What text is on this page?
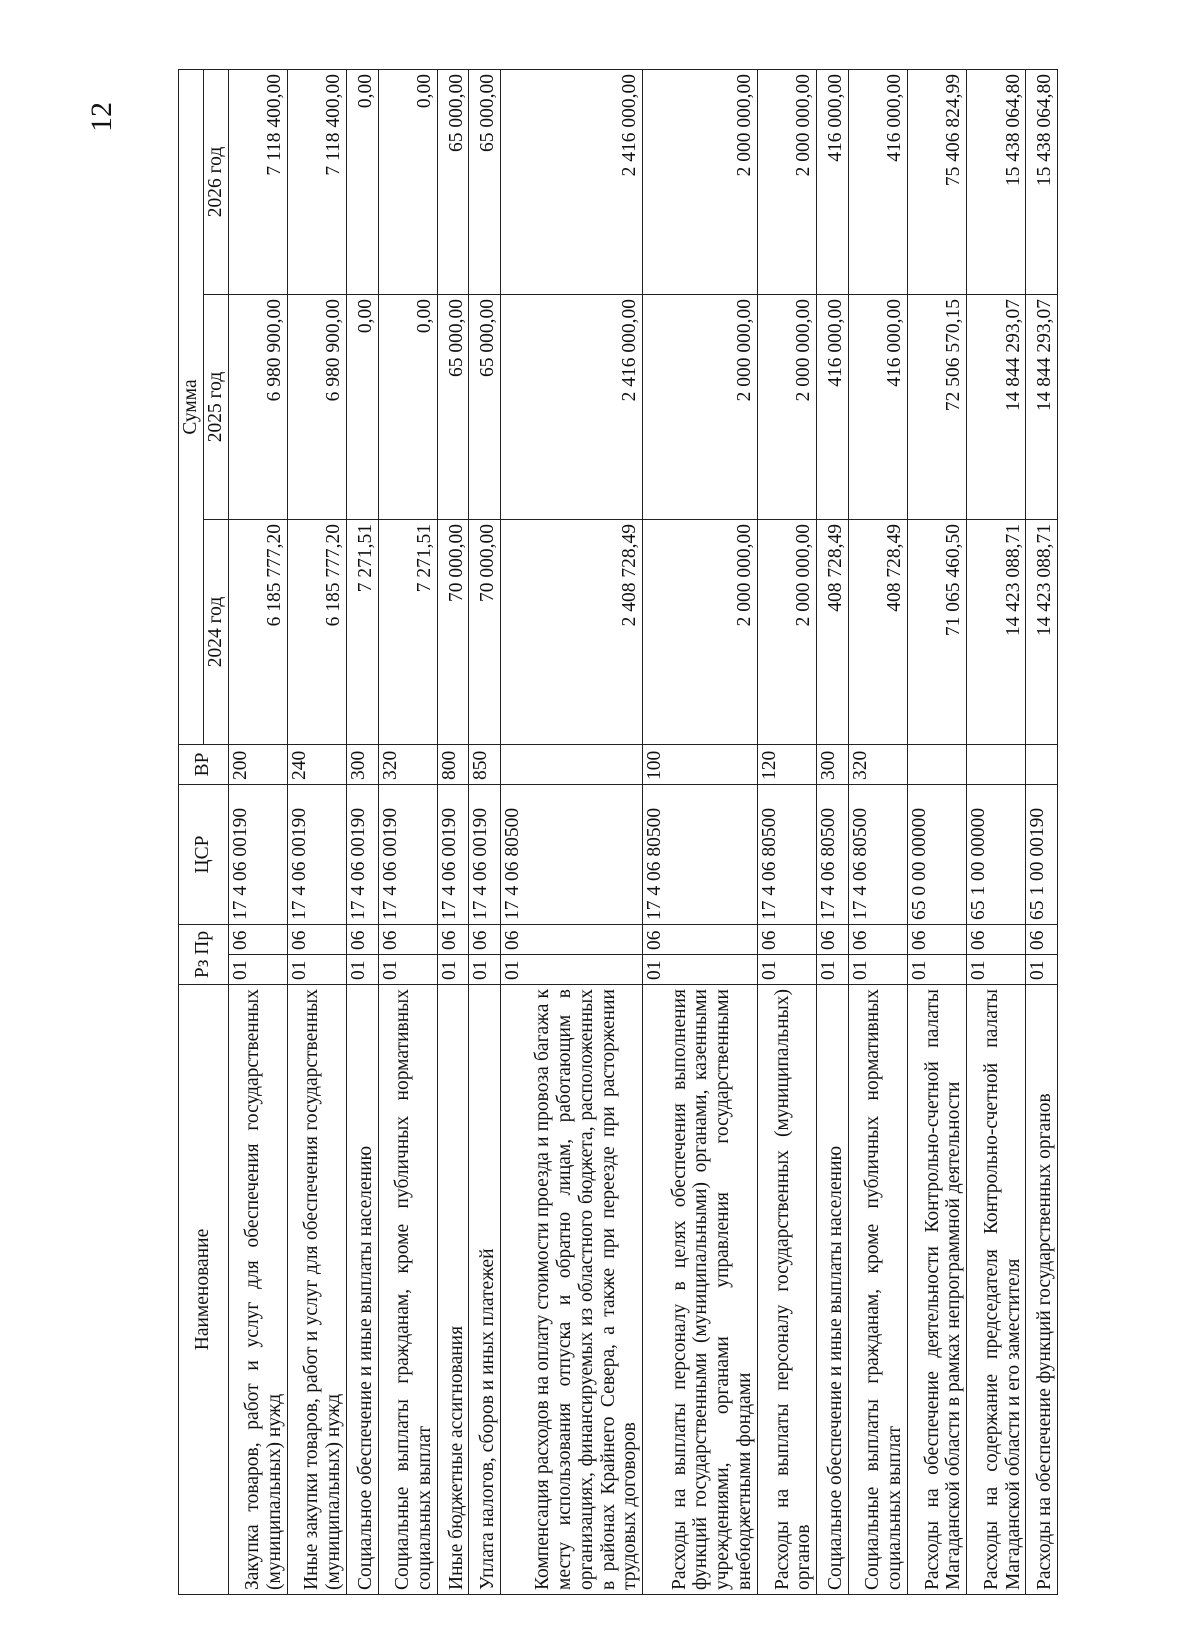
12
Наименование	Рз Пр		ЦСР	ВР	Сумма		
					2024 год	2025 год	2026 год
Закупка товаров, работ и услуг для обеспечения государственных (муниципальных) нужд	01	06	17 4 06 00190	200	6 185 777,20	6 980 900,00	7 118 400,00
Иные закупки товаров, работ и услуг для обеспечения государственных (муниципальных) нужд	01	06	17 4 06 00190	240	6 185 777,20	6 980 900,00	7 118 400,00
Социальное обеспечение и иные выплаты населению	01	06	17 4 06 00190	300	7 271,51	0,00	0,00
Социальные выплаты гражданам, кроме публичных нормативных социальных выплат	01	06	17 4 06 00190	320	7 271,51	0,00	0,00
Иные бюджетные ассигнования	01	06	17 4 06 00190	800	70 000,00	65 000,00	65 000,00
Уплата налогов, сборов и иных платежей	01	06	17 4 06 00190	850	70 000,00	65 000,00	65 000,00
Компенсация расходов на оплату стоимости проезда и провоза багажа к месту использования отпуска и обратно лицам, работающим в организациях, финансируемых из областного бюджета, расположенных в районах Крайнего Севера, а также при переезде при расторжении трудовых договоров	01	06	17 4 06 80500		2 408 728,49	2 416 000,00	2 416 000,00
Расходы на выплаты персоналу в целях обеспечения выполнения функций государственными (муниципальными) органами, казенными учреждениями, органами управления государственными внебюджетными фондами	01	06	17 4 06 80500	100	2 000 000,00	2 000 000,00	2 000 000,00
Расходы на выплаты персоналу государственных (муниципальных) органов	01	06	17 4 06 80500	120	2 000 000,00	2 000 000,00	2 000 000,00
Социальное обеспечение и иные выплаты населению	01	06	17 4 06 80500	300	408 728,49	416 000,00	416 000,00
Социальные выплаты гражданам, кроме публичных нормативных социальных выплат	01	06	17 4 06 80500	320	408 728,49	416 000,00	416 000,00
Расходы на обеспечение деятельности Контрольно-счетной палаты Магаданской области в рамках непрограммной деятельности	01	06	65 0 00 00000		71 065 460,50	72 506 570,15	75 406 824,99
Расходы на содержание председателя Контрольно-счетной палаты Магаданской области и его заместителя	01	06	65 1 00 00000		14 423 088,71	14 844 293,07	15 438 064,80
Расходы на обеспечение функций государственных органов	01	06	65 1 00 00190		14 423 088,71	14 844 293,07	15 438 064,80
